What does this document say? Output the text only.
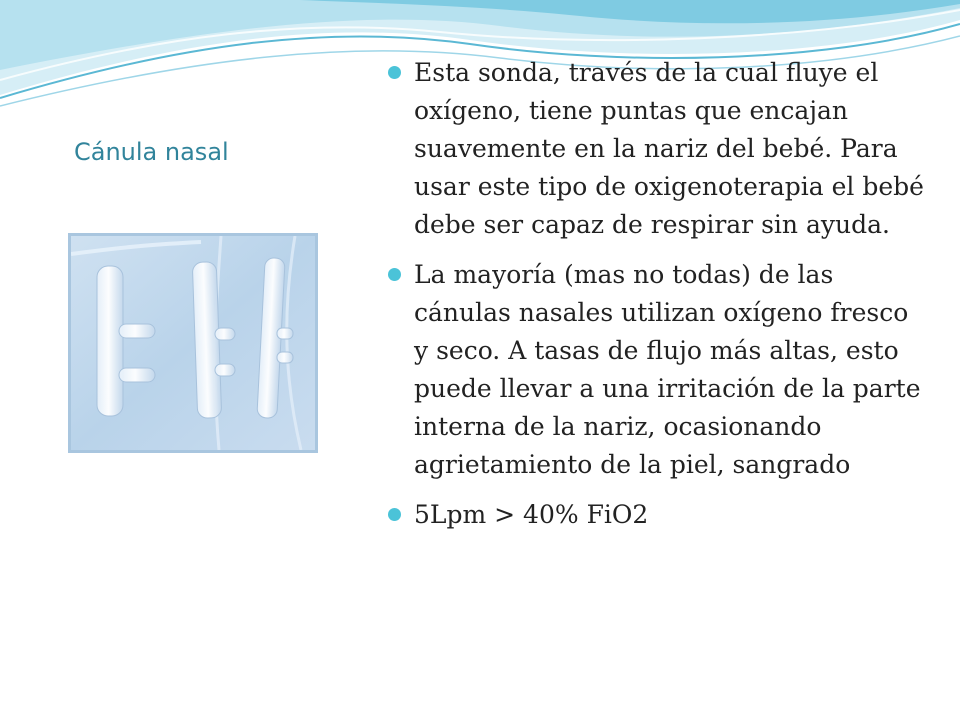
Cánula nasal
Esta sonda, través de la cual fluye el oxígeno, tiene puntas que encajan suavemente en la nariz del bebé. Para usar este tipo de oxigenoterapia el bebé debe ser capaz de respirar sin ayuda.
La mayoría (mas no todas) de las cánulas nasales utilizan oxígeno fresco y seco. A tasas de flujo más altas, esto puede llevar a una irritación de la parte interna de la nariz, ocasionando agrietamiento de la piel, sangrado
5Lpm > 40% FiO2
